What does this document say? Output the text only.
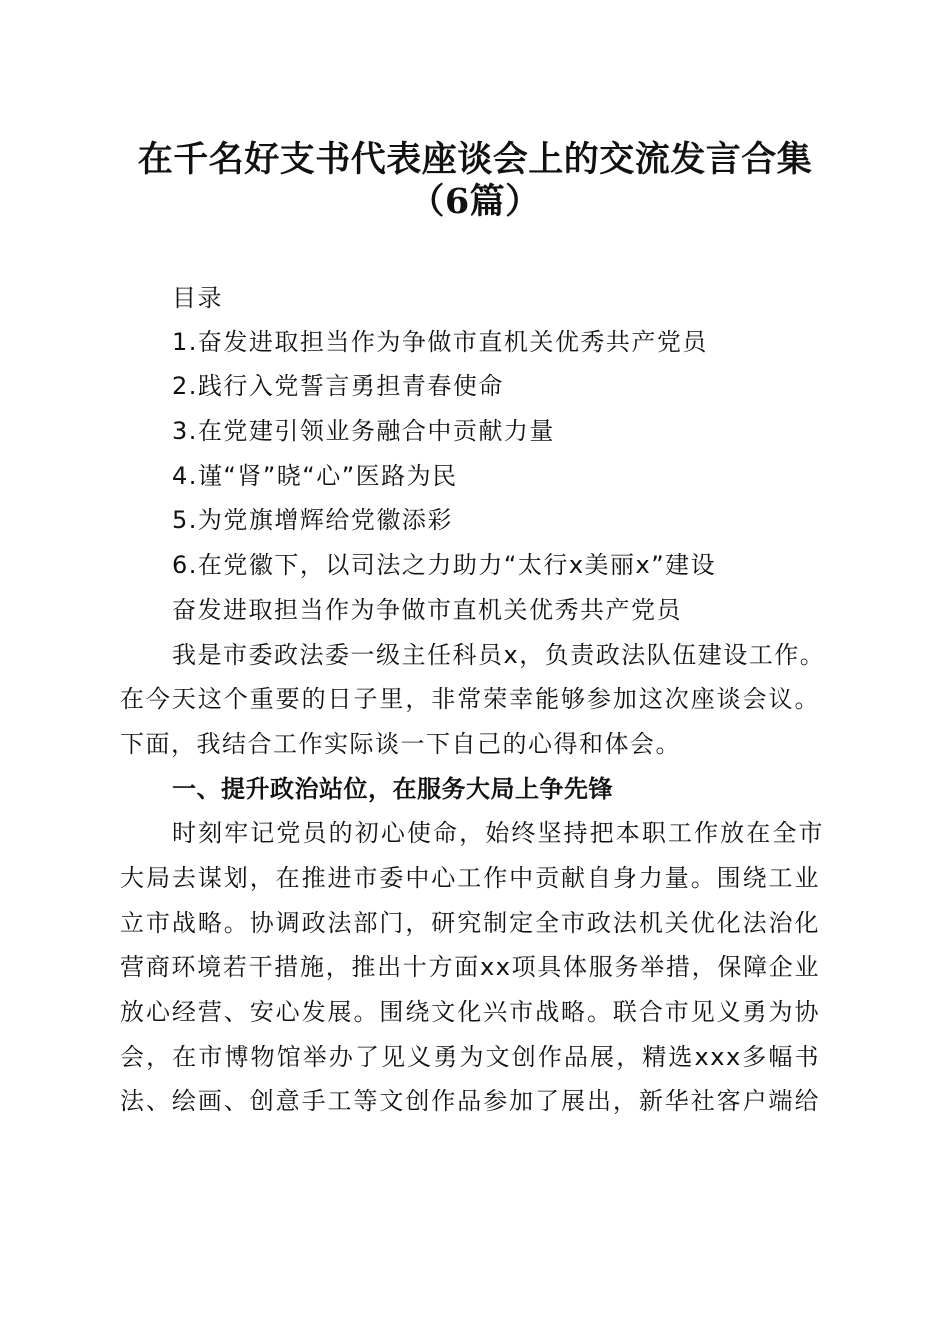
在千名好支书代表座谈会上的交流发言合集
（6篇）
目录
1.奋发进取担当作为争做市直机关优秀共产党员
2.践行入党誓言勇担青春使命
3.在党建引领业务融合中贡献力量
4.谨“肾”晓“心”医路为民
5.为党旗增辉给党徽添彩
6.在党徽下，以司法之力助力“太行x美丽x”建设
奋发进取担当作为争做市直机关优秀共产党员
我是市委政法委一级主任科员x，负责政法队伍建设工作。
在今天这个重要的日子里，非常荣幸能够参加这次座谈会议。
下面，我结合工作实际谈一下自己的心得和体会。
一、提升政治站位，在服务大局上争先锋
时刻牢记党员的初心使命，始终坚持把本职工作放在全市
大局去谋划，在推进市委中心工作中贡献自身力量。围绕工业
立市战略。协调政法部门，研究制定全市政法机关优化法治化
营商环境若干措施，推出十方面xx项具体服务举措，保障企业
放心经营、安心发展。围绕文化兴市战略。联合市见义勇为协
会，在市博物馆举办了见义勇为文创作品展，精选xxx多幅书
法、绘画、创意手工等文创作品参加了展出，新华社客户端给
